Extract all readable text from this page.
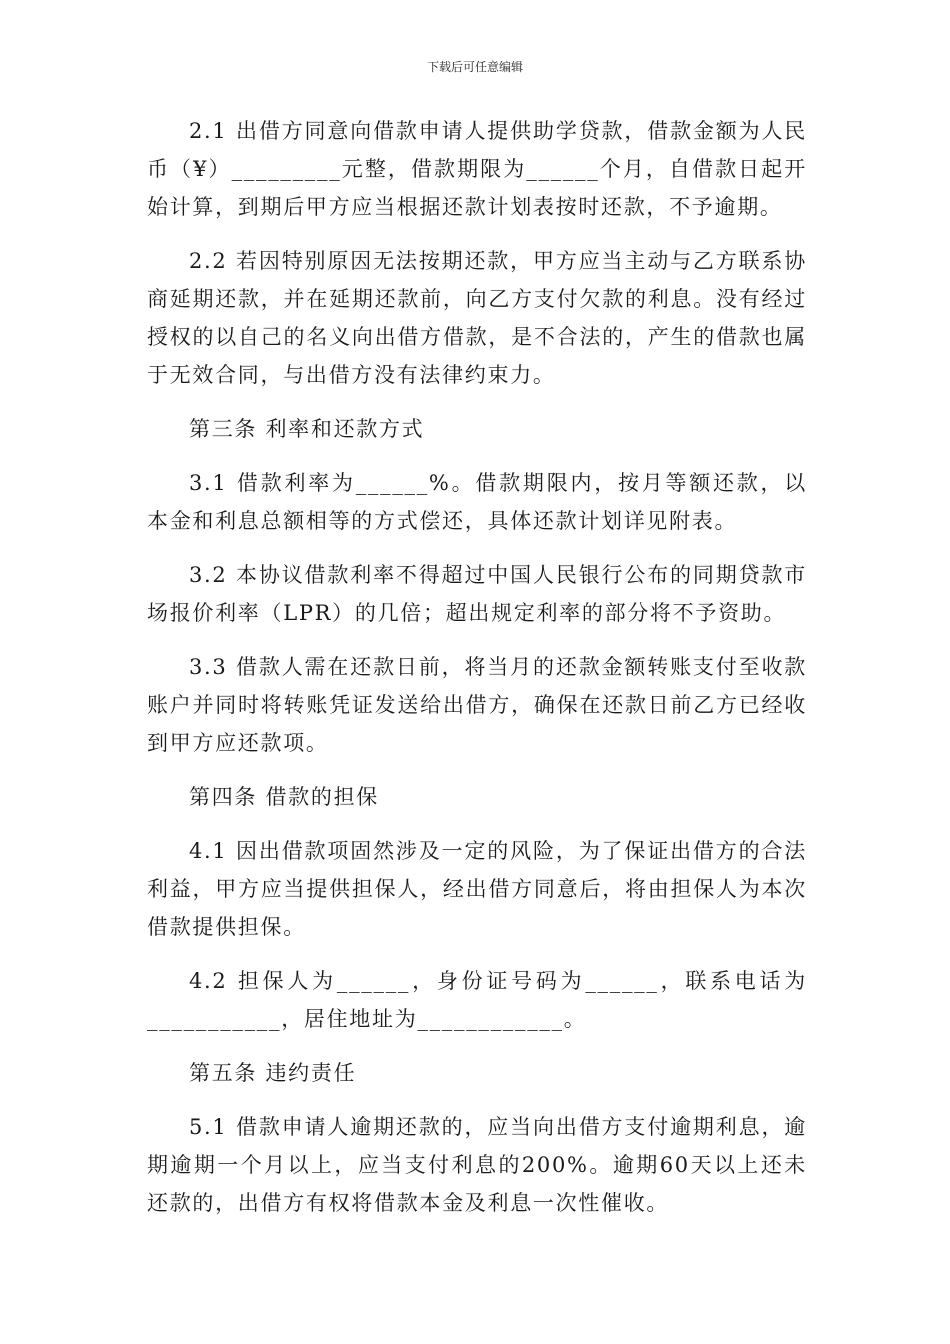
下载后可任意编辑

2.1 出借方同意向借款申请人提供助学贷款，借款金额为人民币（¥）_________元整，借款期限为______个月，自借款日起开始计算，到期后甲方应当根据还款计划表按时还款，不予逾期。

2.2 若因特别原因无法按期还款，甲方应当主动与乙方联系协商延期还款，并在延期还款前，向乙方支付欠款的利息。没有经过授权的以自己的名义向出借方借款，是不合法的，产生的借款也属于无效合同，与出借方没有法律约束力。

第三条 利率和还款方式

3.1 借款利率为______%。借款期限内，按月等额还款，以本金和利息总额相等的方式偿还，具体还款计划详见附表。

3.2 本协议借款利率不得超过中国人民银行公布的同期贷款市场报价利率（LPR）的几倍；超出规定利率的部分将不予资助。

3.3 借款人需在还款日前，将当月的还款金额转账支付至收款账户并同时将转账凭证发送给出借方，确保在还款日前乙方已经收到甲方应还款项。

第四条 借款的担保

4.1 因出借款项固然涉及一定的风险，为了保证出借方的合法利益，甲方应当提供担保人，经出借方同意后，将由担保人为本次借款提供担保。

4.2 担保人为______，身份证号码为______，联系电话为___________，居住地址为____________。

第五条 违约责任

5.1 借款申请人逾期还款的，应当向出借方支付逾期利息，逾期逾期一个月以上，应当支付利息的200%。逾期60天以上还未还款的，出借方有权将借款本金及利息一次性催收。
